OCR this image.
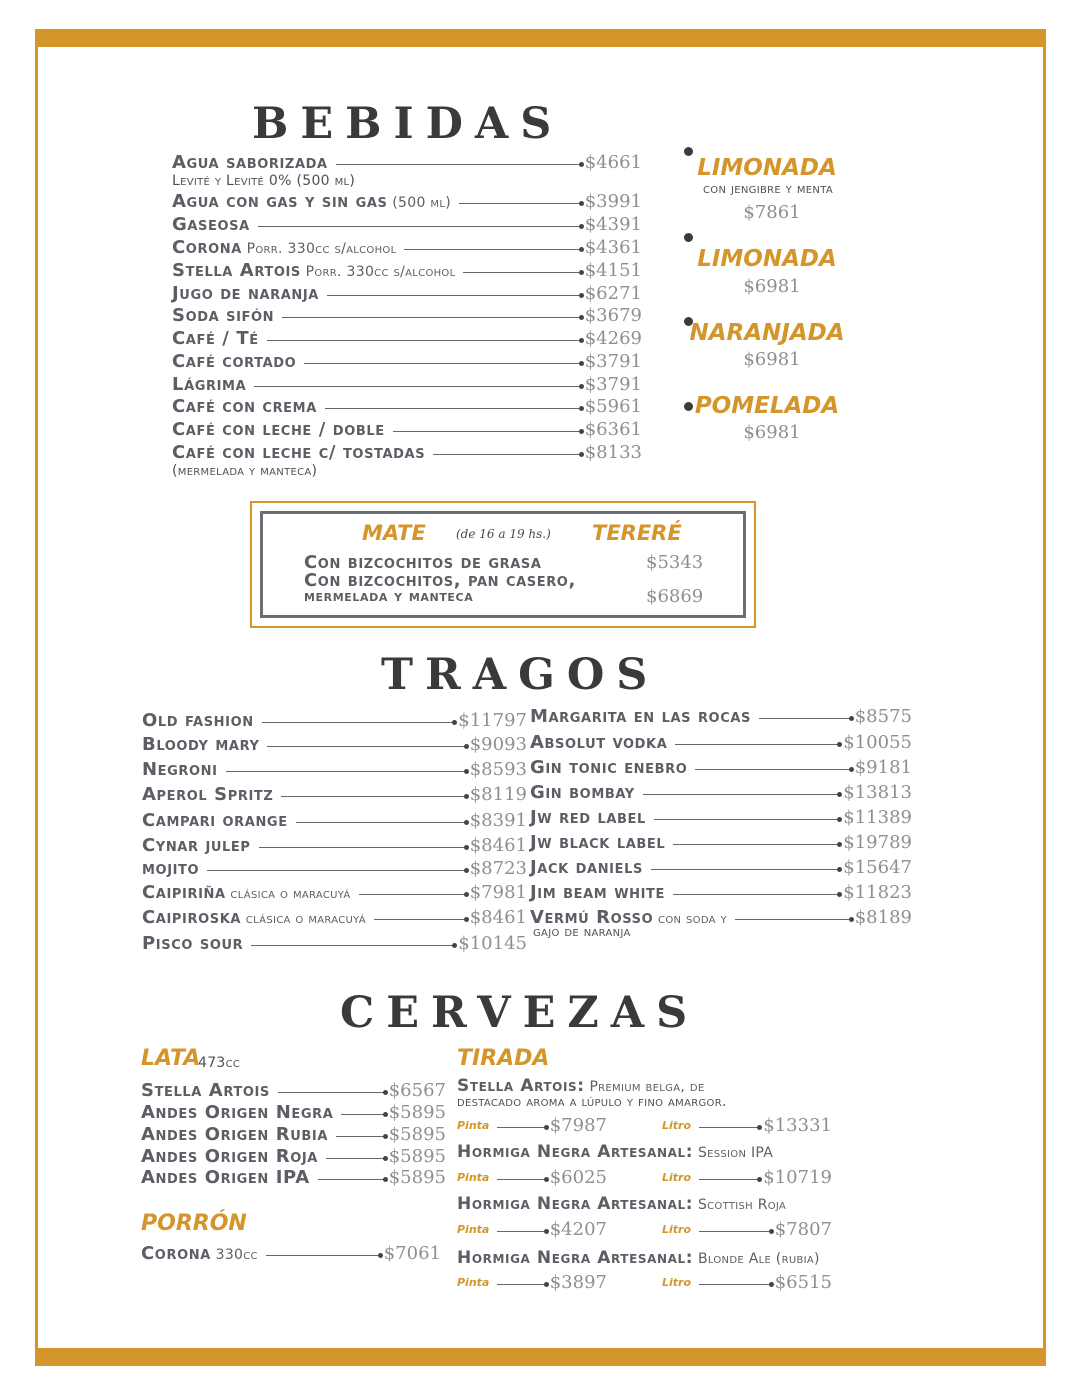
BEBIDAS
Agua saborizada	$4661
Levité y Levité 0% (500 ml)
Agua con gas y sin gas (500 ml)	$3991
Gaseosa	$4391
Corona Porr. 330cc s/alcohol	$4361
Stella Artois Porr. 330cc s/alcohol	$4151
Jugo de naranja	$6271
Soda sifón	$3679
Café / Té	$4269
Café cortado	$3791
Lágrima	$3791
Café con crema	$5961
Café con leche / doble	$6361
Café con leche c/ tostadas	$8133
(mermelada y manteca)
LIMONADA
con jengibre y menta
$7861
LIMONADA
$6981
NARANJADA
$6981
POMELADA
$6981
MATE	(de 16 a 19 hs.) TERERÉ
Con bizcochitos de grasa	$5343
Con bizcochitos, pan casero,
mermelada y manteca	$6869
TRAGOS
Old fashion	$11797
Bloody mary	$9093
Negroni	$8593
Aperol Spritz	$8119
Campari orange	$8391
Cynar julep	$8461
mojito	$8723
Caipiriña clásica o maracuyá	$7981
Caipiroska clásica o maracuyá	$8461
Pisco sour	$10145
Margarita en las rocas	$8575
Absolut vodka	$10055
Gin tonic enebro	$9181
Gin bombay	$13813
Jw red label	$11389
Jw black label	$19789
Jack daniels	$15647
Jim beam white	$11823
Vermú Rosso con soda y	$8189
gajo de naranja
CERVEZAS
LATA
473cc
Stella Artois	$6567
Andes Origen Negra	$5895
Andes Origen Rubia	$5895
Andes Origen Roja	$5895
Andes Origen IPA	$5895
PORRÓN
Corona 330cc	$7061
TIRADA
Stella Artois: Premium belga, de
destacado aroma a lúpulo y fino amargor.
Pinta	$7987	Litro	$13331
Hormiga Negra Artesanal: Session IPA
Pinta	$6025	Litro	$10719
Hormiga Negra Artesanal: Scottish Roja
Pinta	$4207	Litro	$7807
Hormiga Negra Artesanal: Blonde Ale (rubia)
Pinta	$3897	Litro	$6515
